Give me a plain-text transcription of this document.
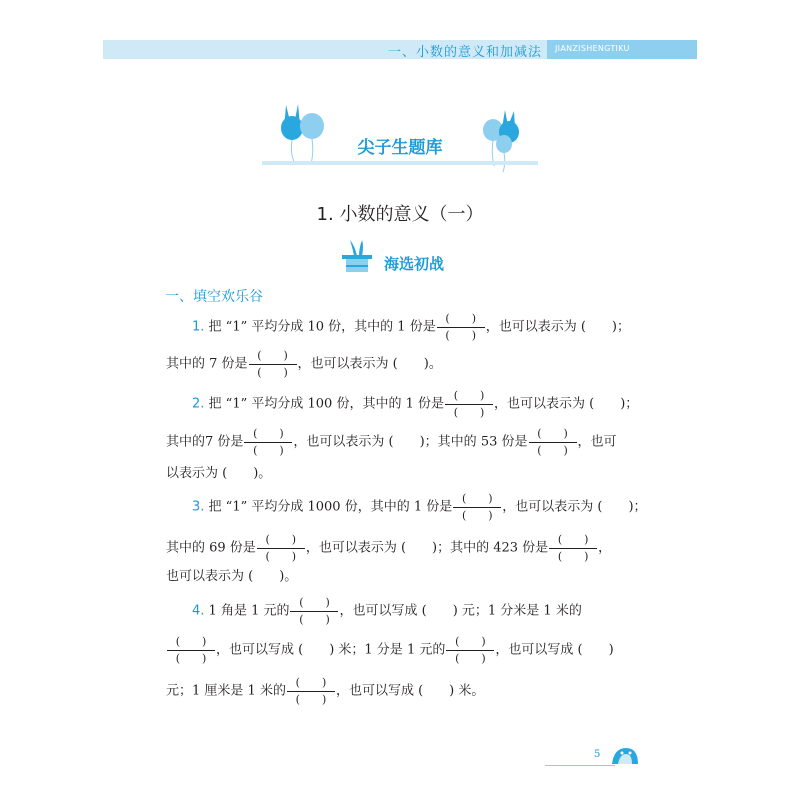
一、小数的意义和加减法 JIANZISHENGTIKU
尖子生题库
1. 小数的意义（一）
海选初战
一、填空欢乐谷
1. 把 “1” 平均分成 10 份，其中的 1 份是 $\frac{( )}{( )}$ ，也可以表示为 (　　)；
其中的 7 份是 $\frac{( )}{( )}$ ，也可以表示为 (　　)。
2. 把 “1” 平均分成 100 份，其中的 1 份是 $\frac{( )}{( )}$ ，也可以表示为 (　　)；
其中的7 份是 $\frac{( )}{( )}$ ，也可以表示为 (　　)；其中的 53 份是 $\frac{( )}{( )}$ ，也可
以表示为 (　　)。
3. 把 “1” 平均分成 1000 份，其中的 1 份是 $\frac{( )}{( )}$ ，也可以表示为 (　　)；
其中的 69 份是 $\frac{( )}{( )}$ ，也可以表示为 (　　)；其中的 423 份是 $\frac{( )}{( )}$ ，
也可以表示为 (　　)。
4. 1 角是 1 元的 $\frac{( )}{( )}$ ，也可以写成 (　　) 元；1 分米是 1 米的
$\frac{( )}{( )}$ ，也可以写成 (　　) 米；1 分是 1 元的 $\frac{( )}{( )}$ ，也可以写成 (　　)
元；1 厘米是 1 米的 $\frac{( )}{( )}$ ，也可以写成 (　　) 米。
5
